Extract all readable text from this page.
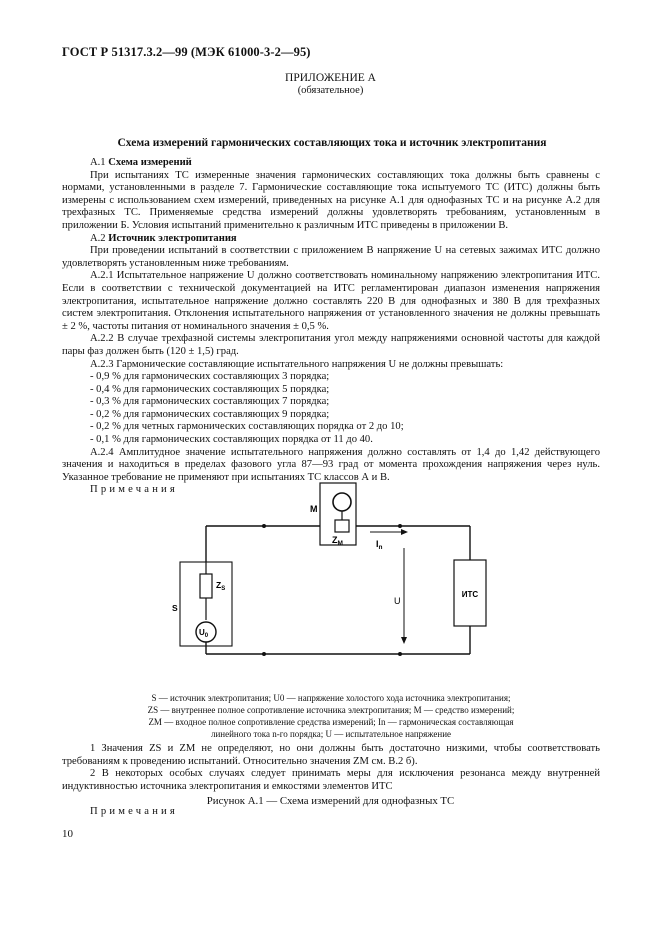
ГОСТ Р 51317.3.2—99 (МЭК 61000-3-2—95)
ПРИЛОЖЕНИЕ А
(обязательное)
Схема измерений гармонических составляющих тока и источник электропитания

А.1 Схема измерений

При испытаниях ТС измеренные значения гармонических составляющих тока должны быть сравнены с нормами, установленными в разделе 7. Гармонические составляющие тока испытуемого ТС (ИТС) должны быть измерены с использованием схем измерений, приведенных на рисунке А.1 для однофазных ТС и на рисунке А.2 для трехфазных ТС. Применяемые средства измерений должны удовлетворять требованиям, установленным в приложении Б. Условия испытаний применительно к различным ИТС приведены в приложении В.

А.2 Источник электропитания

При проведении испытаний в соответствии с приложением В напряжение U на сетевых зажимах ИТС должно удовлетворять установленным ниже требованиям.

А.2.1 Испытательное напряжение U должно соответствовать номинальному напряжению электропитания ИТС. Если в соответствии с технической документацией на ИТС регламентирован диапазон изменения напряжения электропитания, испытательное напряжение должно составлять 220 В для однофазных и 380 В для трехфазных систем электропитания. Отклонения испытательного напряжения от установленного значения не должны превышать ± 2 %, частоты питания от номинального значения ± 0,5 %.

А.2.2 В случае трехфазной системы электропитания угол между напряжениями основной частоты для каждой пары фаз должен быть (120 ± 1,5) град.

А.2.3 Гармонические составляющие испытательного напряжения U не должны превышать:

- 0,9 % для гармонических составляющих 3 порядка;

- 0,4 % для гармонических составляющих 5 порядка;

- 0,3 % для гармонических составляющих 7 порядка;

- 0,2 % для гармонических составляющих 9 порядка;

- 0,2 % для четных гармонических составляющих порядка от 2 до 10;

- 0,1 % для гармонических составляющих порядка от 11 до 40.

А.2.4 Амплитудное значение испытательного напряжения должно составлять от 1,4 до 1,42 действующего значения и находиться в пределах фазового угла 87—93 град от момента прохождения напряжения через нуль. Указанное требование не применяют при испытаниях ТС классов А и В.

Примечания

M
$Z_M$	$I_n$
U
ИТС
$U_0$
$Z_S$
S
S — источник электропитания; U0 — напряжение холостого хода источника электропитания;
ZS — внутреннее полное сопротивление источника электропитания; М — средство измерений;
ZM — входное полное сопротивление средства измерений; In — гармоническая составляющая
линейного тока n-го порядка; U — испытательное напряжение

1 Значения ZS и ZM не определяют, но они должны быть достаточно низкими, чтобы соответствовать требованиям к проведению испытаний. Относительно значения ZM см. В.2 б).

2 В некоторых особых случаях следует принимать меры для исключения резонанса между внутренней индуктивностью источника электропитания и емкостями элементов ИТС

Рисунок А.1 — Схема измерений для однофазных ТС

Примечания

10
